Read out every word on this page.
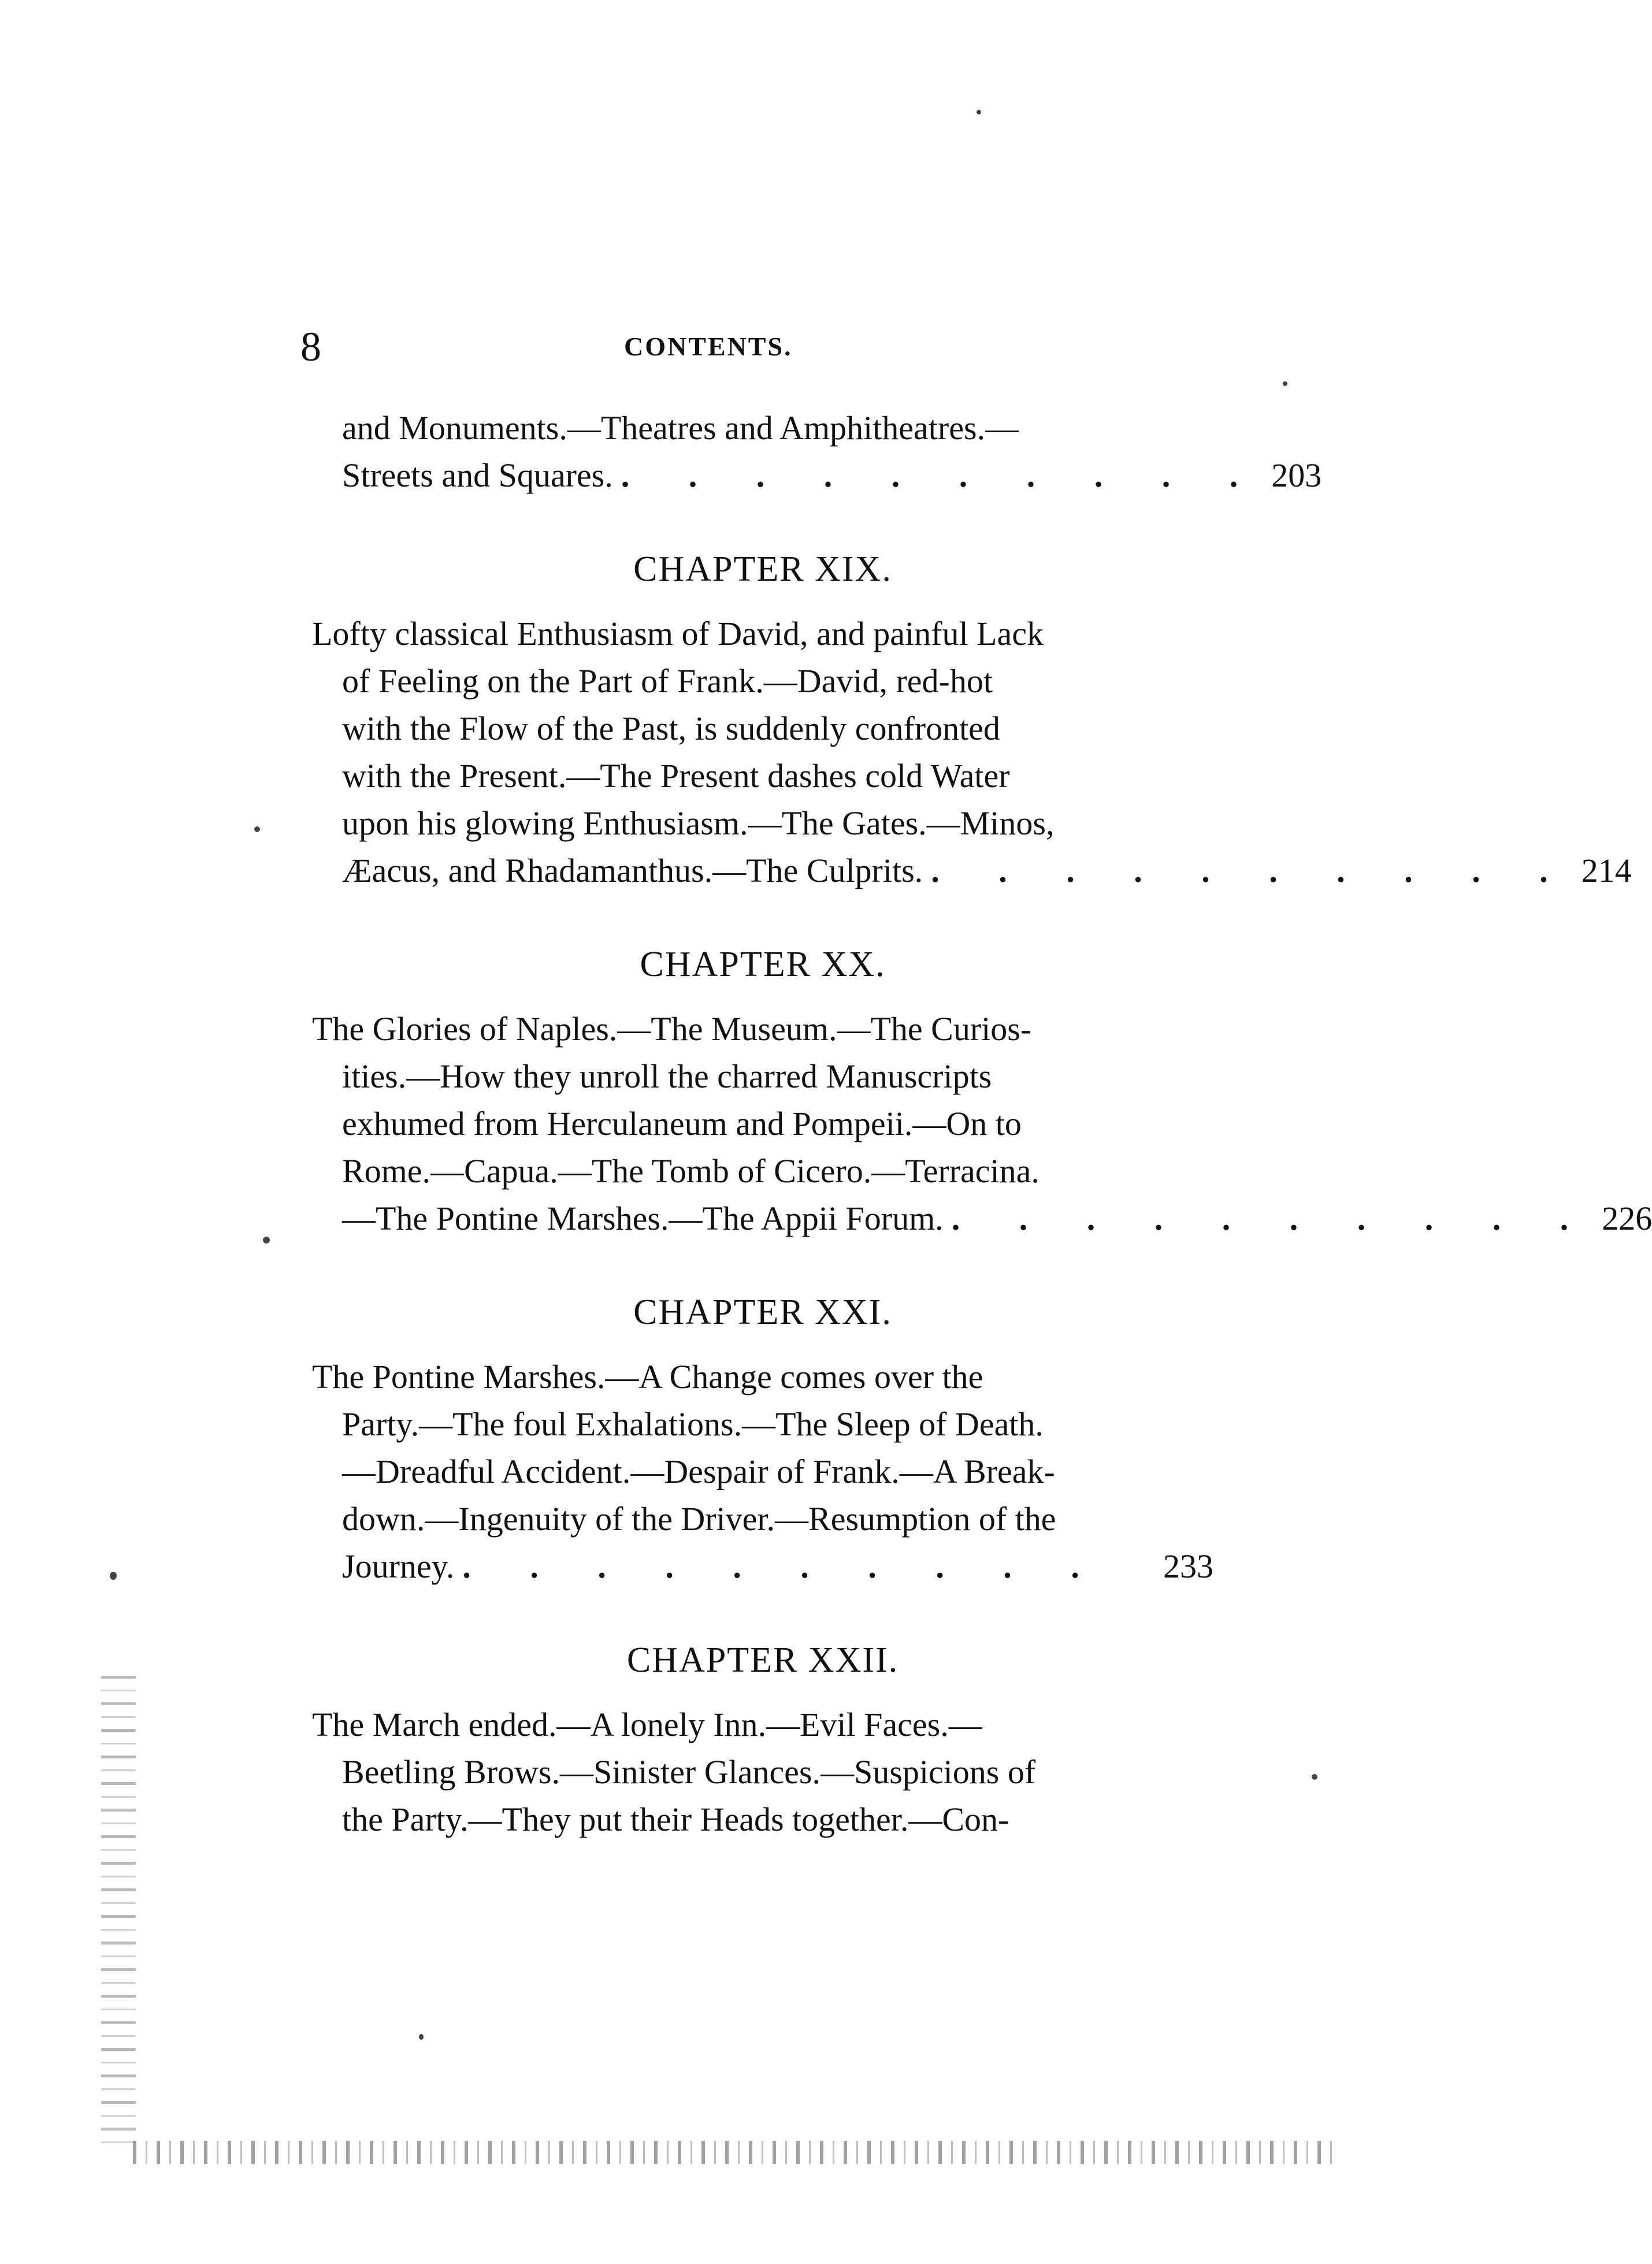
8	CONTENTS.
and Monuments.—Theatres and Amphitheatres.—
Streets and Squares. . . . . . . . . . . 203
CHAPTER XIX.
Lofty classical Enthusiasm of David, and painful Lack
of Feeling on the Part of Frank.—David, red-hot
with the Flow of the Past, is suddenly confronted
with the Present.—The Present dashes cold Water
upon his glowing Enthusiasm.—The Gates.—Minos,
Æacus, and Rhadamanthus.—The Culprits. . . . . . . . . . . 214
CHAPTER XX.
The Glories of Naples.—The Museum.—The Curios-
ities.—How they unroll the charred Manuscripts
exhumed from Herculaneum and Pompeii.—On to
Rome.—Capua.—The Tomb of Cicero.—Terracina.
—The Pontine Marshes.—The Appii Forum. . . . . . . . . . . 226
CHAPTER XXI.
The Pontine Marshes.—A Change comes over the
Party.—The foul Exhalations.—The Sleep of Death.
—Dreadful Accident.—Despair of Frank.—A Break-
down.—Ingenuity of the Driver.—Resumption of the
Journey. . . . . . . . . . .	233
CHAPTER XXII.
The March ended.—A lonely Inn.—Evil Faces.—
Beetling Brows.—Sinister Glances.—Suspicions of
the Party.—They put their Heads together.—Con-
